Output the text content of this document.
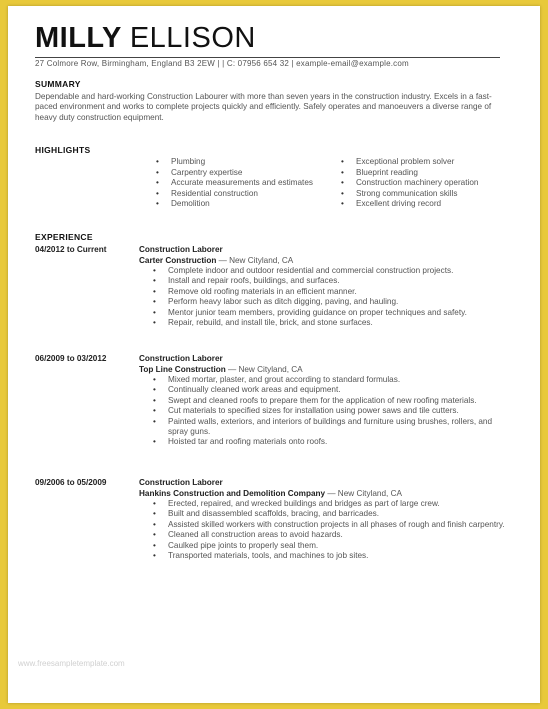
MILLY ELLISON
27 Colmore Row, Birmingham, England B3 2EW | | C: 07956 654 32 | example-email@example.com
SUMMARY
Dependable and hard-working Construction Labourer with more than seven years in the construction industry. Excels in a fast-paced environment and works to complete projects quickly and efficiently. Safely operates and manoeuvers a diverse range of heavy duty construction equipment.
HIGHLIGHTS
• Plumbing
• Carpentry expertise
• Accurate measurements and estimates
• Residential construction
• Demolition
• Exceptional problem solver
• Blueprint reading
• Construction machinery operation
• Strong communication skills
• Excellent driving record
EXPERIENCE
04/2012 to Current	Construction Laborer
Carter Construction — New Cityland, CA
• Complete indoor and outdoor residential and commercial construction projects.
• Install and repair roofs, buildings, and surfaces.
• Remove old roofing materials in an efficient manner.
• Perform heavy labor such as ditch digging, paving, and hauling.
• Mentor junior team members, providing guidance on proper techniques and safety.
• Repair, rebuild, and install tile, brick, and stone surfaces.
06/2009 to 03/2012	Construction Laborer
Top Line Construction — New Cityland, CA
• Mixed mortar, plaster, and grout according to standard formulas.
• Continually cleaned work areas and equipment.
• Swept and cleaned roofs to prepare them for the application of new roofing materials.
• Cut materials to specified sizes for installation using power saws and tile cutters.
• Painted walls, exteriors, and interiors of buildings and furniture using brushes, rollers, and spray guns.
• Hoisted tar and roofing materials onto roofs.
09/2006 to 05/2009	Construction Laborer
Hankins Construction and Demolition Company — New Cityland, CA
• Erected, repaired, and wrecked buildings and bridges as part of large crew.
• Built and disassembled scaffolds, bracing, and barricades.
• Assisted skilled workers with construction projects in all phases of rough and finish carpentry.
• Cleaned all construction areas to avoid hazards.
• Caulked pipe joints to properly seal them.
• Transported materials, tools, and machines to job sites.
www.freesampletemplate.com
